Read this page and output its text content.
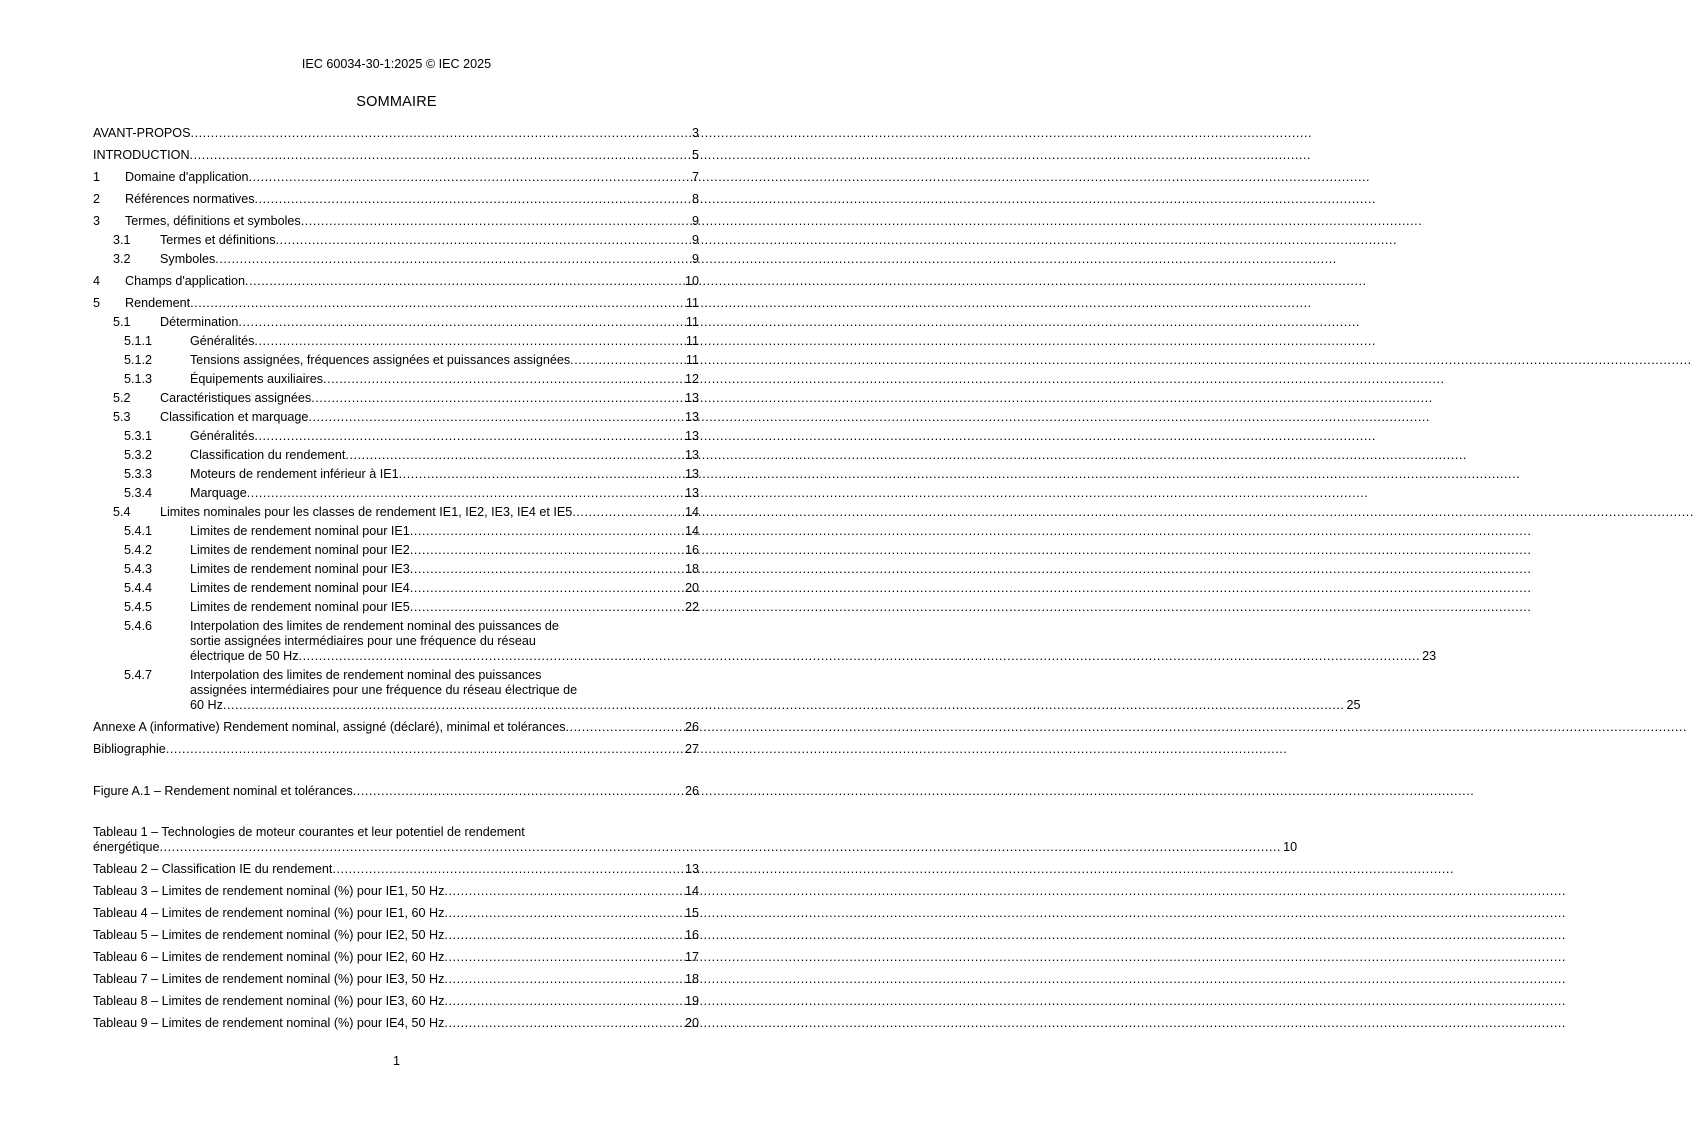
IEC 60034-30-1:2025 © IEC 2025
SOMMAIRE
AVANT-PROPOS .....	3
INTRODUCTION .....	5
1	Domaine d'application .....	7
2	Références normatives .....	8
3	Termes, définitions et symboles .....	9
3.1	Termes et définitions .....	9
3.2	Symboles .....	9
4	Champs d'application .....	10
5	Rendement .....	11
5.1	Détermination .....	11
5.1.1	Généralités .....	11
5.1.2	Tensions assignées, fréquences assignées et puissances assignées .....	11
5.1.3	Équipements auxiliaires .....	12
5.2	Caractéristiques assignées .....	13
5.3	Classification et marquage .....	13
5.3.1	Généralités .....	13
5.3.2	Classification du rendement .....	13
5.3.3	Moteurs de rendement inférieur à IE1 .....	13
5.3.4	Marquage .....	13
5.4	Limites nominales pour les classes de rendement IE1, IE2, IE3, IE4 et IE5 .....	14
5.4.1	Limites de rendement nominal pour IE1 .....	14
5.4.2	Limites de rendement nominal pour IE2 .....	16
5.4.3	Limites de rendement nominal pour IE3 .....	18
5.4.4	Limites de rendement nominal pour IE4 .....	20
5.4.5	Limites de rendement nominal pour IE5 .....	22
5.4.6	Interpolation des limites de rendement nominal des puissances de
sortie assignées intermédiaires pour une fréquence du réseau
électrique de 50 Hz .....	23
5.4.7	Interpolation des limites de rendement nominal des puissances
assignées intermédiaires pour une fréquence du réseau électrique de
60 Hz .....	25
Annexe A (informative) Rendement nominal, assigné (déclaré), minimal et tolérances .....	26
Bibliographie .....	27
Figure A.1 – Rendement nominal et tolérances .....	26
Tableau 1 – Technologies de moteur courantes et leur potentiel de rendement
énergétique .....	10
Tableau 2 – Classification IE du rendement .....	13
Tableau 3 – Limites de rendement nominal (%) pour IE1, 50 Hz .....	14
Tableau 4 – Limites de rendement nominal (%) pour IE1, 60 Hz .....	15
Tableau 5 – Limites de rendement nominal (%) pour IE2, 50 Hz .....	16
Tableau 6 – Limites de rendement nominal (%) pour IE2, 60 Hz .....	17
Tableau 7 – Limites de rendement nominal (%) pour IE3, 50 Hz .....	18
Tableau 8 – Limites de rendement nominal (%) pour IE3, 60 Hz .....	19
Tableau 9 – Limites de rendement nominal (%) pour IE4, 50 Hz .....	20
1
